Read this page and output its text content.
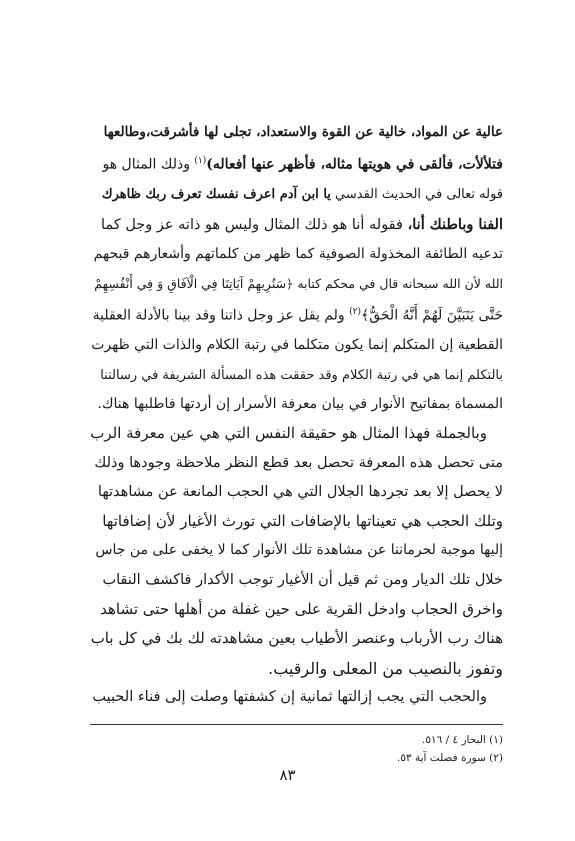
عالية عن المواد، خالية عن القوة والاستعداد، تجلى لها فأشرقت،وطالعها
فتلألأت، فألقى في هويتها مثاله، فأظهر عنها أفعاله)$^{(١)}$ وذلك المثال هو
قوله تعالى في الحديث القدسي يا ابن آدم اعرف نفسك تعرف ربك ظاهرك
الفنا وباطنك أنا، فقوله أنا هو ذلك المثال وليس هو ذاته عز وجل كما
تدعيه الطائفة المخذولة الصوفية كما ظهر من كلماتهم وأشعارهم قبحهم
الله لأن الله سبحانه قال في محكم كتابه ﴿سَنُرِيهِمْ آيَاتِنَا فِي الْآفَاقِ وَ فِي أَنْفُسِهِمْ
حَتَّى يَتَبَيَّنَ لَهُمْ أَنَّهُ الْحَقُّ﴾$^{(٢)}$ ولم يقل عز وجل ذاتنا وقد بينا بالأدلة العقلية
القطعية إن المتكلم إنما يكون متكلما في رتبة الكلام والذات التي ظهرت
بالتكلم إنما هي في رتبة الكلام وقد حققت هذه المسألة الشريفة في رسالتنا
المسماة بمفاتيح الأنوار في بيان معرفة الأسرار إن أردتها فاطلبها هناك.
وبالجملة فهذا المثال هو حقيقة النفس التي هي عين معرفة الرب
متى تحصل هذه المعرفة تحصل بعد قطع النظر ملاحظة وجودها وذلك
لا يحصل إلا بعد تجردها الجلال التي هي الحجب المانعة عن مشاهدتها
وتلك الحجب هي تعيناتها بالإضافات التي تورث الأغيار لأن إضافاتها
إليها موجبة لحرماننا عن مشاهدة تلك الأنوار كما لا يخفى على من جاس
خلال تلك الديار ومن ثم قيل أن الأغيار توجب الأكدار فاكشف النقاب
واخرق الحجاب وادخل القرية على حين غفلة من أهلها حتى تشاهد
هناك رب الأرباب وعنصر الأطياب بعين مشاهدته لك بك في كل باب
وتفوز بالنصيب من المعلى والرقيب.
والحجب التي يجب إزالتها ثمانية إن كشفتها وصلت إلى فناء الحبيب
(١) البحار ٤ / ٥١٦.
(٢) سورة فصلت آية ٥٣.
٨٣
